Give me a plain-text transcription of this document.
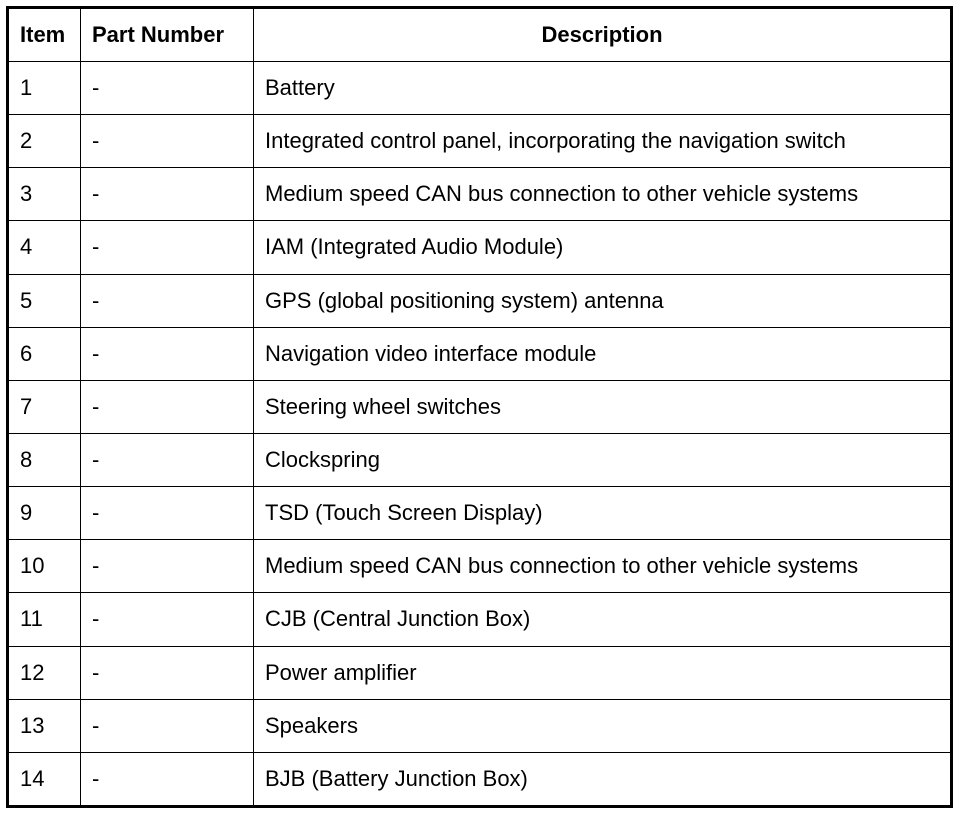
Item	Part Number	Description
1	-	Battery
2	-	Integrated control panel, incorporating the navigation switch
3	-	Medium speed CAN bus connection to other vehicle systems
4	-	IAM (Integrated Audio Module)
5	-	GPS (global positioning system) antenna
6	-	Navigation video interface module
7	-	Steering wheel switches
8	-	Clockspring
9	-	TSD (Touch Screen Display)
10	-	Medium speed CAN bus connection to other vehicle systems
11	-	CJB (Central Junction Box)
12	-	Power amplifier
13	-	Speakers
14	-	BJB (Battery Junction Box)
